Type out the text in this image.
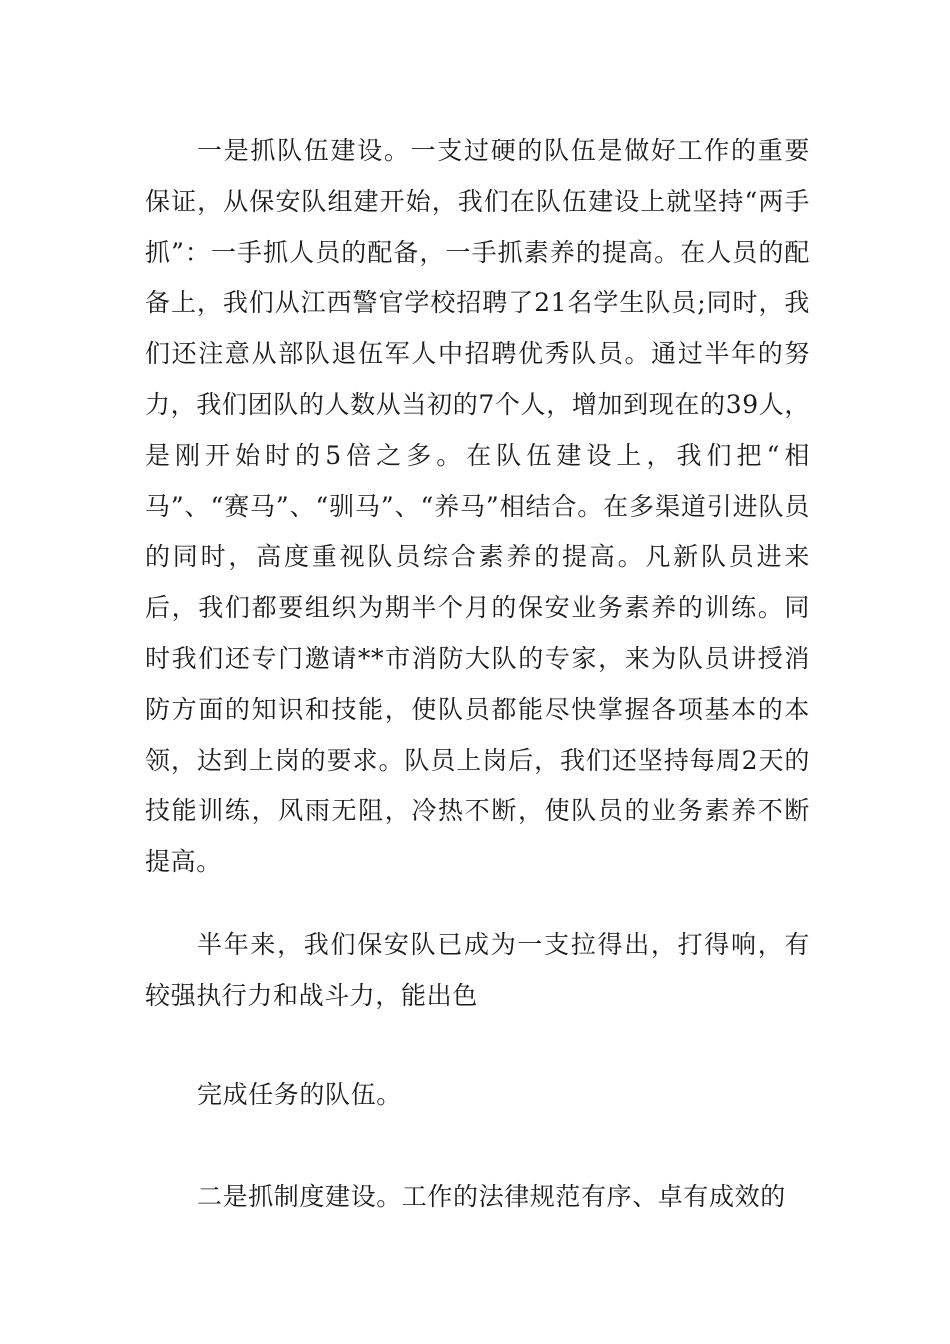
一是抓队伍建设。一支过硬的队伍是做好工作的重要保证，从保安队组建开始，我们在队伍建设上就坚持“两手抓”：一手抓人员的配备，一手抓素养的提高。在人员的配备上，我们从江西警官学校招聘了21名学生队员;同时，我们还注意从部队退伍军人中招聘优秀队员。通过半年的努力，我们团队的人数从当初的7个人，增加到现在的39人，是刚开始时的5倍之多。在队伍建设上，我们把“相马”、“赛马”、“驯马”、“养马”相结合。在多渠道引进队员的同时，高度重视队员综合素养的提高。凡新队员进来后，我们都要组织为期半个月的保安业务素养的训练。同时我们还专门邀请**市消防大队的专家，来为队员讲授消防方面的知识和技能，使队员都能尽快掌握各项基本的本领，达到上岗的要求。队员上岗后，我们还坚持每周2天的技能训练，风雨无阻，冷热不断，使队员的业务素养不断提高。

半年来，我们保安队已成为一支拉得出，打得响，有较强执行力和战斗力，能出色

完成任务的队伍。

二是抓制度建设。工作的法律规范有序、卓有成效的
